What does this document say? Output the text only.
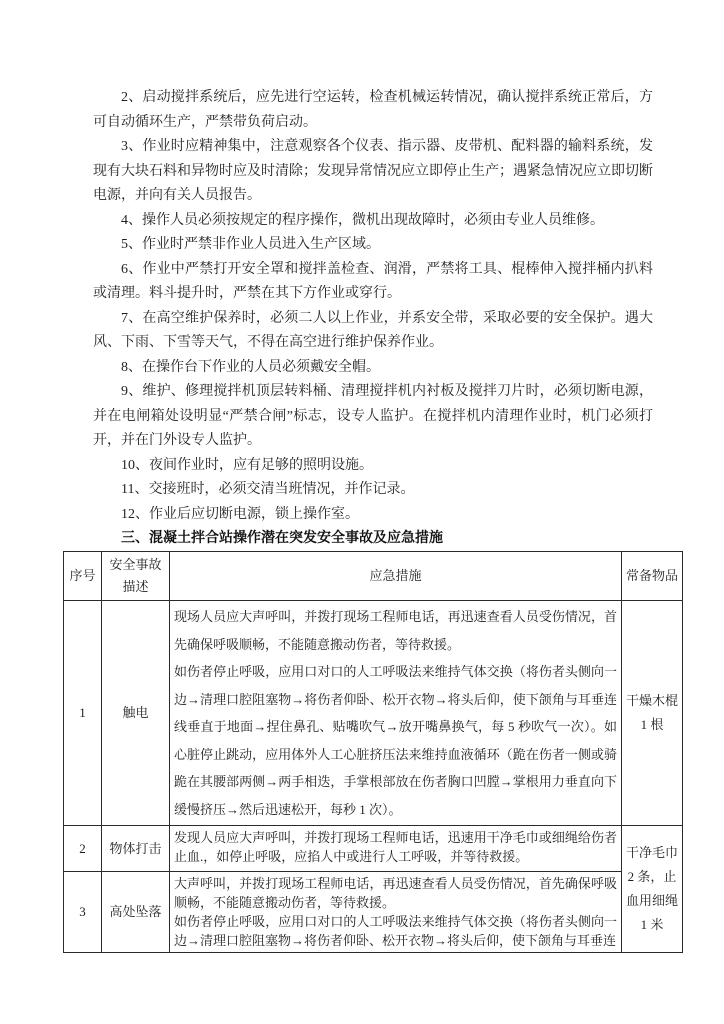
2、启动搅拌系统后，应先进行空运转，检查机械运转情况，确认搅拌系统正常后，方可自动循环生产，严禁带负荷启动。

3、作业时应精神集中，注意观察各个仪表、指示器、皮带机、配料器的输料系统，发现有大块石料和异物时应及时清除；发现异常情况应立即停止生产；遇紧急情况应立即切断电源，并向有关人员报告。

4、操作人员必须按规定的程序操作，微机出现故障时，必须由专业人员维修。

5、作业时严禁非作业人员进入生产区域。

6、作业中严禁打开安全罩和搅拌盖检查、润滑，严禁将工具、棍棒伸入搅拌桶内扒料或清理。料斗提升时，严禁在其下方作业或穿行。

7、在高空维护保养时，必须二人以上作业，并系安全带，采取必要的安全保护。遇大风、下雨、下雪等天气，不得在高空进行维护保养作业。

8、在操作台下作业的人员必须戴安全帽。

9、维护、修理搅拌机顶层转料桶、清理搅拌机内衬板及搅拌刀片时，必须切断电源，并在电闸箱处设明显“严禁合闸”标志，设专人监护。在搅拌机内清理作业时，机门必须打开，并在门外设专人监护。

10、夜间作业时，应有足够的照明设施。

11、交接班时，必须交清当班情况，并作记录。

12、作业后应切断电源，锁上操作室。

三、混凝土拌合站操作潜在突发安全事故及应急措施

序号	安全事故描述	应急措施	常备物品
1	触电	现场人员应大声呼叫，并拨打现场工程师电话，再迅速查看人员受伤情况，首先确保呼吸顺畅，不能随意搬动伤者，等待救援。

如伤者停止呼吸，应用口对口的人工呼吸法来维持气体交换（将伤者头侧向一边→清理口腔阻塞物→将伤者仰卧、松开衣物→将头后仰，使下颌角与耳垂连线垂直于地面→捏住鼻孔、贴嘴吹气→放开嘴鼻换气，每 5 秒吹气一次）。如心脏停止跳动，应用体外人工心脏挤压法来维持血液循环（跪在伤者一侧或骑跪在其腰部两侧→两手相迭，手掌根部放在伤者胸口凹膛→掌根用力垂直向下缓慢挤压→然后迅速松开，每秒 1 次）。	干燥木棍 1 根
2	物体打击	发现人员应大声呼叫，并拨打现场工程师电话，迅速用干净毛巾或细绳给伤者止血.，如停止呼吸，应掐人中或进行人工呼吸，并等待救援。	干净毛巾 2 条，止血用细绳 1 米
3	高处坠落	大声呼叫，并拨打现场工程师电话，再迅速查看人员受伤情况，首先确保呼吸顺畅，不能随意搬动伤者，等待救援。

如伤者停止呼吸，应用口对口的人工呼吸法来维持气体交换（将伤者头侧向一边→清理口腔阻塞物→将伤者仰卧、松开衣物→将头后仰，使下颌角与耳垂连	
